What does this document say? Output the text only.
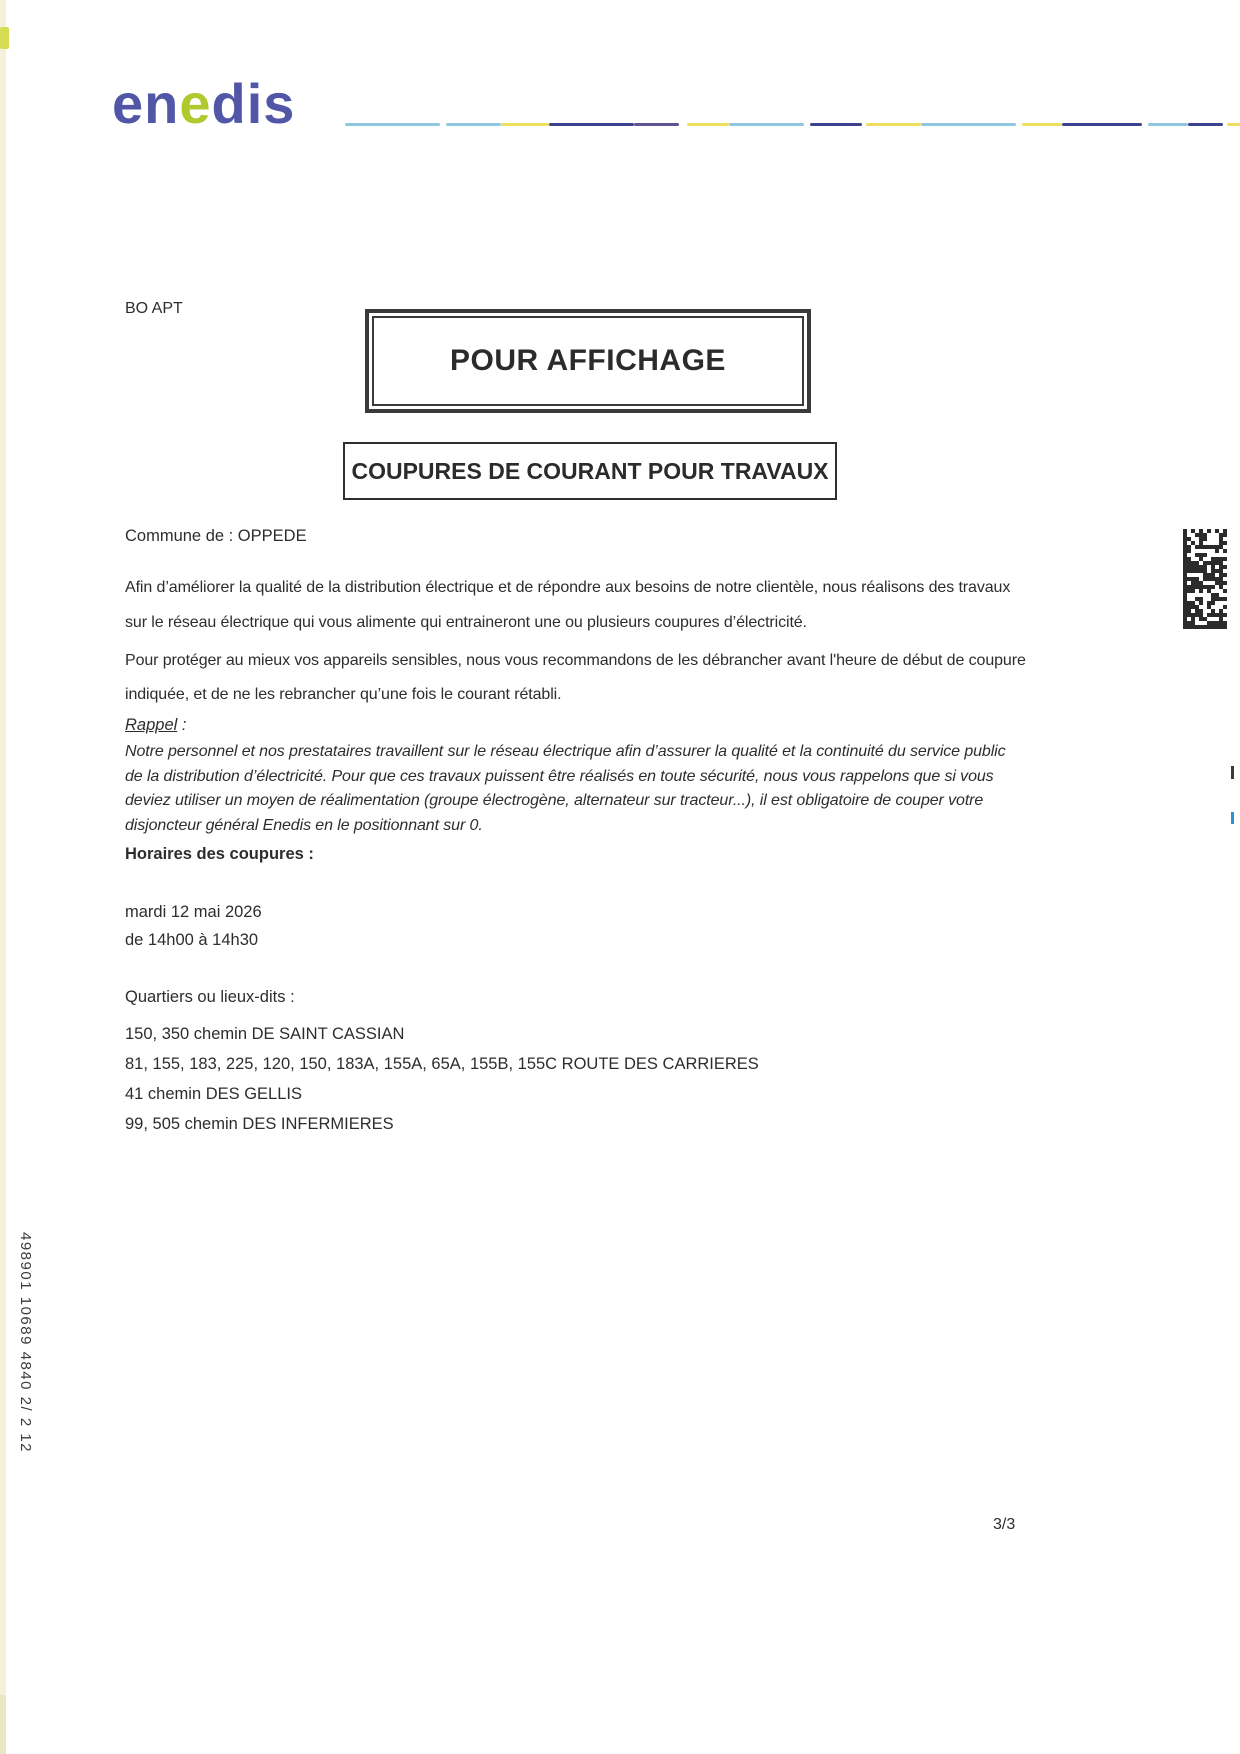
enedis
BO APT
POUR AFFICHAGE
COUPURES DE COURANT POUR TRAVAUX
Commune de : OPPEDE
Afin d’améliorer la qualité de la distribution électrique et de répondre aux besoins de notre clientèle, nous réalisons des travaux
sur le réseau électrique qui vous alimente qui entraineront une ou plusieurs coupures d’électricité.
Pour protéger au mieux vos appareils sensibles, nous vous recommandons de les débrancher avant l'heure de début de coupure
indiquée, et de ne les rebrancher qu’une fois le courant rétabli.
Rappel :
Notre personnel et nos prestataires travaillent sur le réseau électrique afin d’assurer la qualité et la continuité du service public
de la distribution d’électricité. Pour que ces travaux puissent être réalisés en toute sécurité, nous vous rappelons que si vous
deviez utiliser un moyen de réalimentation (groupe électrogène, alternateur sur tracteur...), il est obligatoire de couper votre
disjoncteur général Enedis en le positionnant sur 0.
Horaires des coupures :
mardi 12 mai 2026
de 14h00 à 14h30
Quartiers ou lieux-dits :
150, 350 chemin DE SAINT CASSIAN
81, 155, 183, 225, 120, 150, 183A, 155A, 65A, 155B, 155C ROUTE DES CARRIERES
41 chemin DES GELLIS
99, 505 chemin DES INFERMIERES
498901 10689 4840 2/ 2 12
3/3
